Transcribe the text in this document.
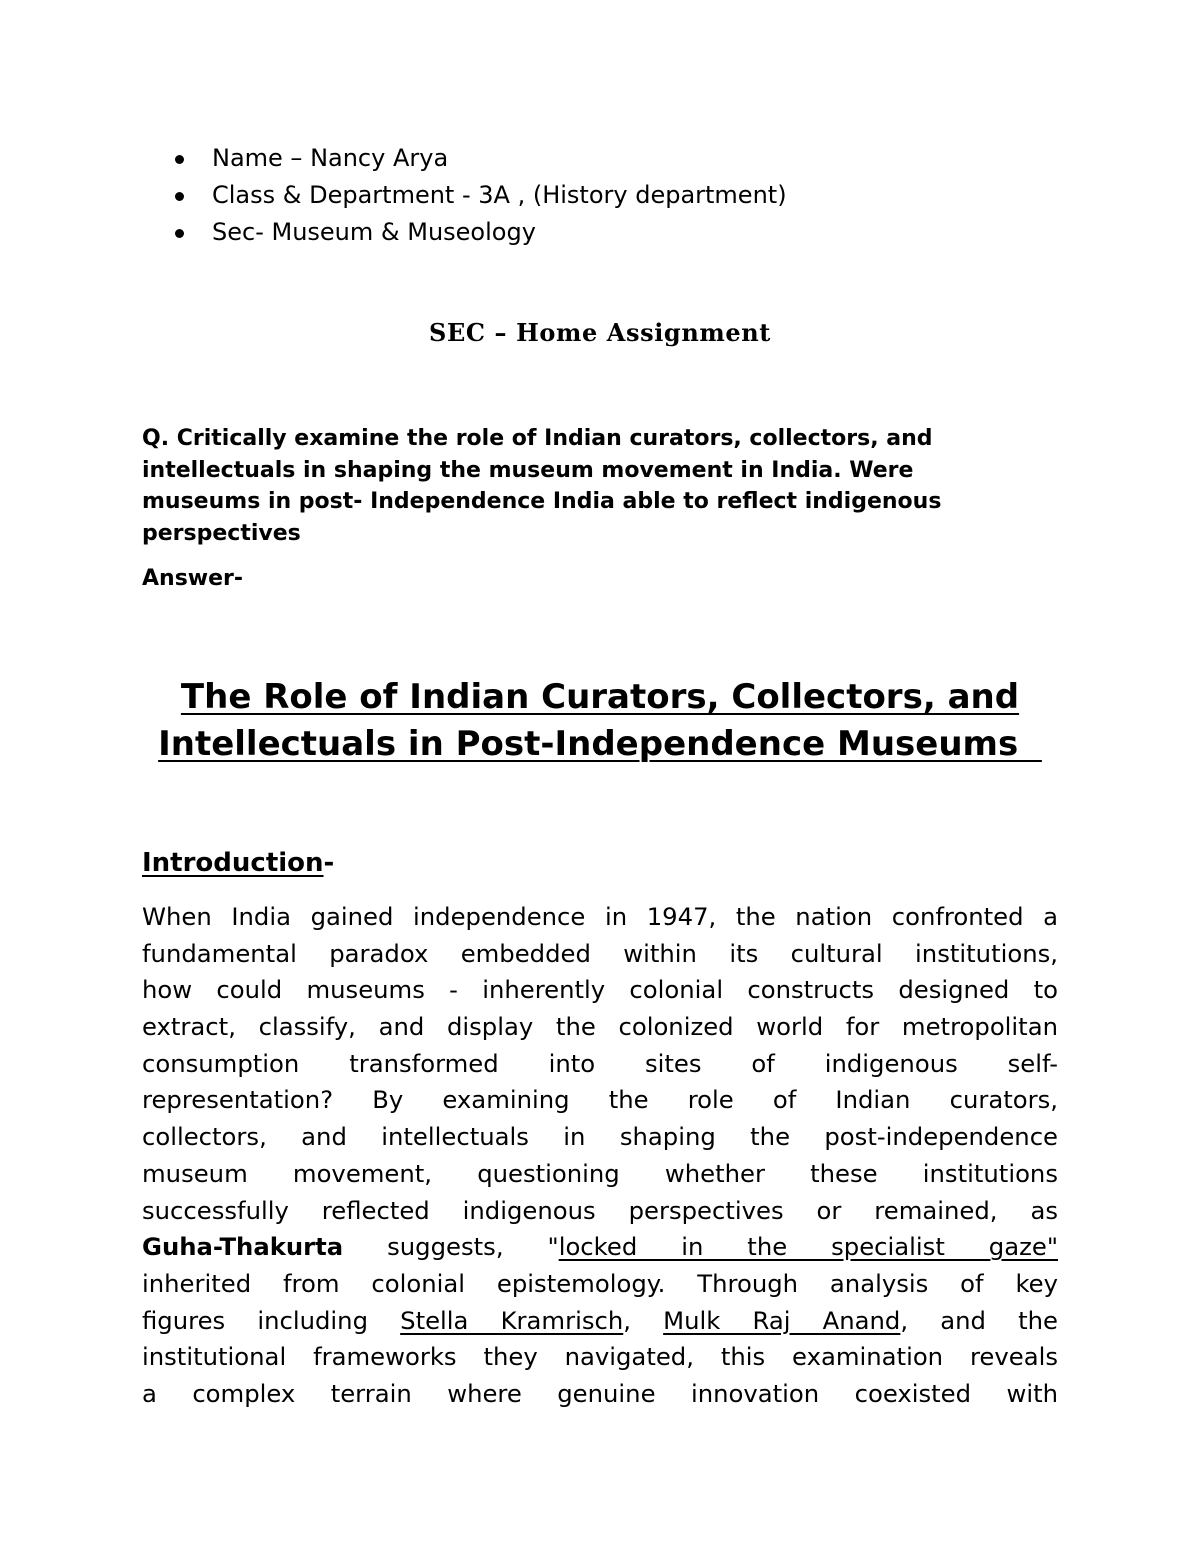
Name – Nancy Arya
Class & Department - 3A , (History department)
Sec- Museum & Museology
SEC – Home Assignment

Q. Critically examine the role of Indian curators, collectors, and
intellectuals in shaping the museum movement in India. Were
museums in post- Independence India able to reflect indigenous
perspectives

Answer-

The Role of Indian Curators, Collectors, and
Intellectuals in Post-Independence Museums
Introduction-
When India gained independence in 1947, the nation confronted a
fundamental paradox embedded within its cultural institutions,
how could museums - inherently colonial constructs designed to
extract, classify, and display the colonized world for metropolitan
consumption transformed into sites of indigenous self-
representation? By examining the role of Indian curators,
collectors, and intellectuals in shaping the post-independence
museum movement, questioning whether these institutions
successfully reflected indigenous perspectives or remained, as
Guha-Thakurta suggests, "locked in the specialist gaze"
inherited from colonial epistemology. Through analysis of key
figures including Stella Kramrisch, Mulk Raj Anand, and the
institutional frameworks they navigated, this examination reveals
a complex terrain where genuine innovation coexisted with
